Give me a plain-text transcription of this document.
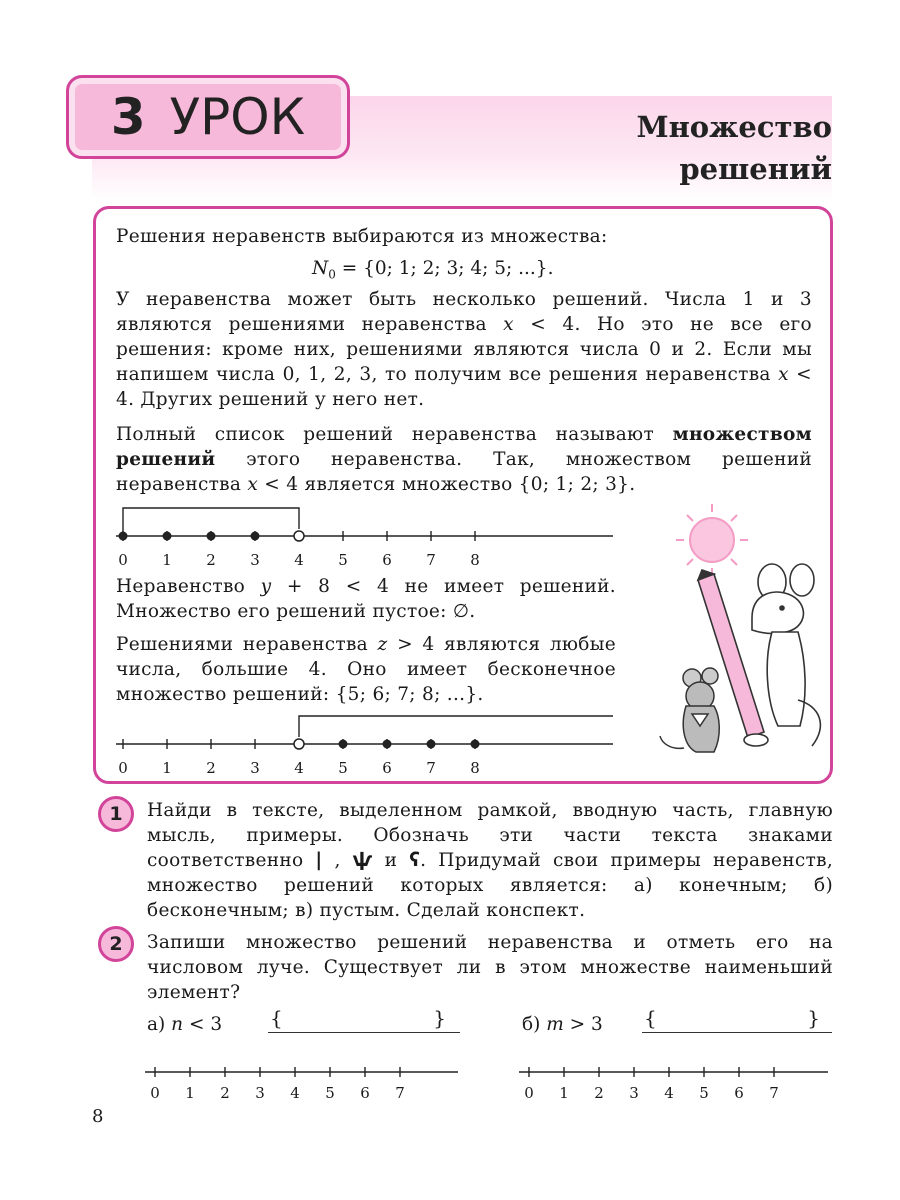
3 УРОК	Множество
решений
Решения неравенств выбираются из множества:
$N_0 = \{0$; 1; 2; 3; 4; 5; ...}.
У неравенства может быть несколько решений. Числа 1 и 3 являются решениями неравенства x < 4. Но это не все его решения: кроме них, решениями являются числа 0 и 2. Если мы напишем числа 0, 1, 2, 3, то получим все решения неравенства x < 4. Других решений у него нет.
Полный список решений неравенства называют множеством решений этого неравенства. Так, множеством решений неравенства x < 4 является множество {0; 1; 2; 3}.
0 1 2 3 4 5 6 7 8
Неравенство y + 8 < 4 не имеет решений. Множество его решений пустое: ∅.
Решениями неравенства z > 4 являются любые числа, большие 4. Оно имеет бесконечное множество решений: {5; 6; 7; 8; ...}.
0 1 2 3 4 5 6 7 8
1	Найди в тексте, выделенном рамкой, вводную часть, главную мысль, примеры. Обозначь эти части текста знаками соответственно | , ѱ и ʕ. Придумай свои примеры неравенств, множество решений которых является: а) конечным; б) бесконечным; в) пустым. Сделай конспект.
2	Запиши множество решений неравенства и отметь его на числовом луче. Существует ли в этом множестве наименьший элемент?
а) n < 3 {	}	б) m > 3 {	}
0 1 2 3 4 5 6 7	0 1 2 3 4 5 6 7
8
